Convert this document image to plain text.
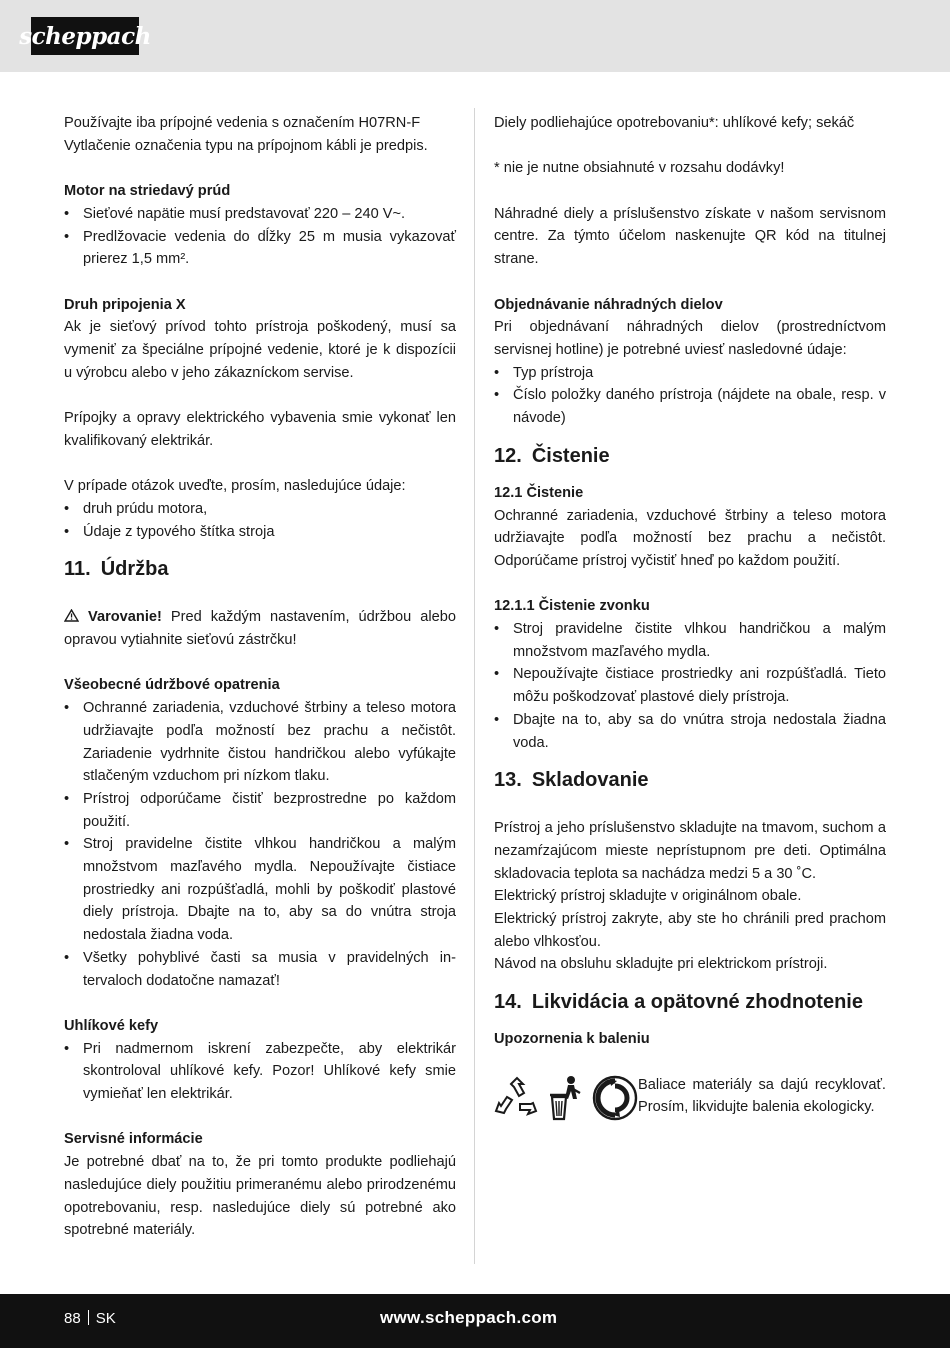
scheppach

Používajte iba prípojné vedenia s označením H07RN-F

Vytlačenie označenia typu na prípojnom kábli je predpis.

Motor na striedavý prúd

• Sieťové napätie musí predstavovať 220 – 240 V~.
• Predlžovacie vedenia do dĺžky 25 m musia vykazovať prierez 1,5 mm².

Druh pripojenia X

Ak je sieťový prívod tohto prístroja poškodený, musí sa vymeniť za špeciálne prípojné vedenie, ktoré je k dispozícii u výrobcu alebo v jeho zákazníckom servise.

Prípojky a opravy elektrického vybavenia smie vykonať len kvalifikovaný elektrikár.

V prípade otázok uveďte, prosím, nasledujúce údaje:

• druh prúdu motora,
• Údaje z typového štítka stroja
11. Údržba

Varovanie! Pred každým nastavením, údržbou alebo opravou vytiahnite sieťovú zástrčku!

Všeobecné údržbové opatrenia

• Ochranné zariadenia, vzduchové štrbiny a teleso motora udržiavajte podľa možností bez prachu a nečistôt. Zariadenie vydrhnite čistou handričkou alebo vyfúkajte stlačeným vzduchom pri nízkom tlaku.
• Prístroj odporúčame čistiť bezprostredne po každom použití.
• Stroj pravidelne čistite vlhkou handričkou a malým množstvom mazľavého mydla. Nepoužívajte čistiace prostriedky ani rozpúšťadlá, mohli by poškodiť plastové diely prístroja. Dbajte na to, aby sa do vnútra stroja nedostala žiadna voda.
• Všetky pohyblivé časti sa musia v pravidelných intervaloch dodatočne namazať!

Uhlíkové kefy

• Pri nadmernom iskrení zabezpečte, aby elektrikár skontroloval uhlíkové kefy. Pozor! Uhlíkové kefy smie vymieňať len elektrikár.

Servisné informácie

Je potrebné dbať na to, že pri tomto produkte podliehajú nasledujúce diely použitiu primeranému alebo prirodzenému opotrebovaniu, resp. nasledujúce diely sú potrebné ako spotrebné materiály.

Diely podliehajúce opotrebovaniu*: uhlíkové kefy; sekáč

* nie je nutne obsiahnuté v rozsahu dodávky!

Náhradné diely a príslušenstvo získate v našom servisnom centre. Za týmto účelom naskenujte QR kód na titulnej strane.

Objednávanie náhradných dielov

Pri objednávaní náhradných dielov (prostredníctvom servisnej hotline) je potrebné uviesť nasledovné údaje:

• Typ prístroja
• Číslo položky daného prístroja (nájdete na obale, resp. v návode)
12. Čistenie

12.1 Čistenie

Ochranné zariadenia, vzduchové štrbiny a teleso motora udržiavajte podľa možností bez prachu a nečistôt. Odporúčame prístroj vyčistiť hneď po každom použití.

12.1.1 Čistenie zvonku

• Stroj pravidelne čistite vlhkou handričkou a malým množstvom mazľavého mydla.
• Nepoužívajte čistiace prostriedky ani rozpúšťadlá. Tieto môžu poškodzovať plastové diely prístroja.
• Dbajte na to, aby sa do vnútra stroja nedostala žiadna voda.
13. Skladovanie

Prístroj a jeho príslušenstvo skladujte na tmavom, suchom a nezamŕzajúcom mieste neprístupnom pre deti. Optimálna skladovacia teplota sa nachádza medzi 5 a 30 ˚C.

Elektrický prístroj skladujte v originálnom obale.

Elektrický prístroj zakryte, aby ste ho chránili pred prachom alebo vlhkosťou.

Návod na obsluhu skladujte pri elektrickom prístroji.

14. Likvidácia a opätovné zhodnotenie

Upozornenia k baleniu

Baliace materiály sa dajú recyklovať. Prosím, likvidujte balenia ekologicky.

88 SK	www.scheppach.com
